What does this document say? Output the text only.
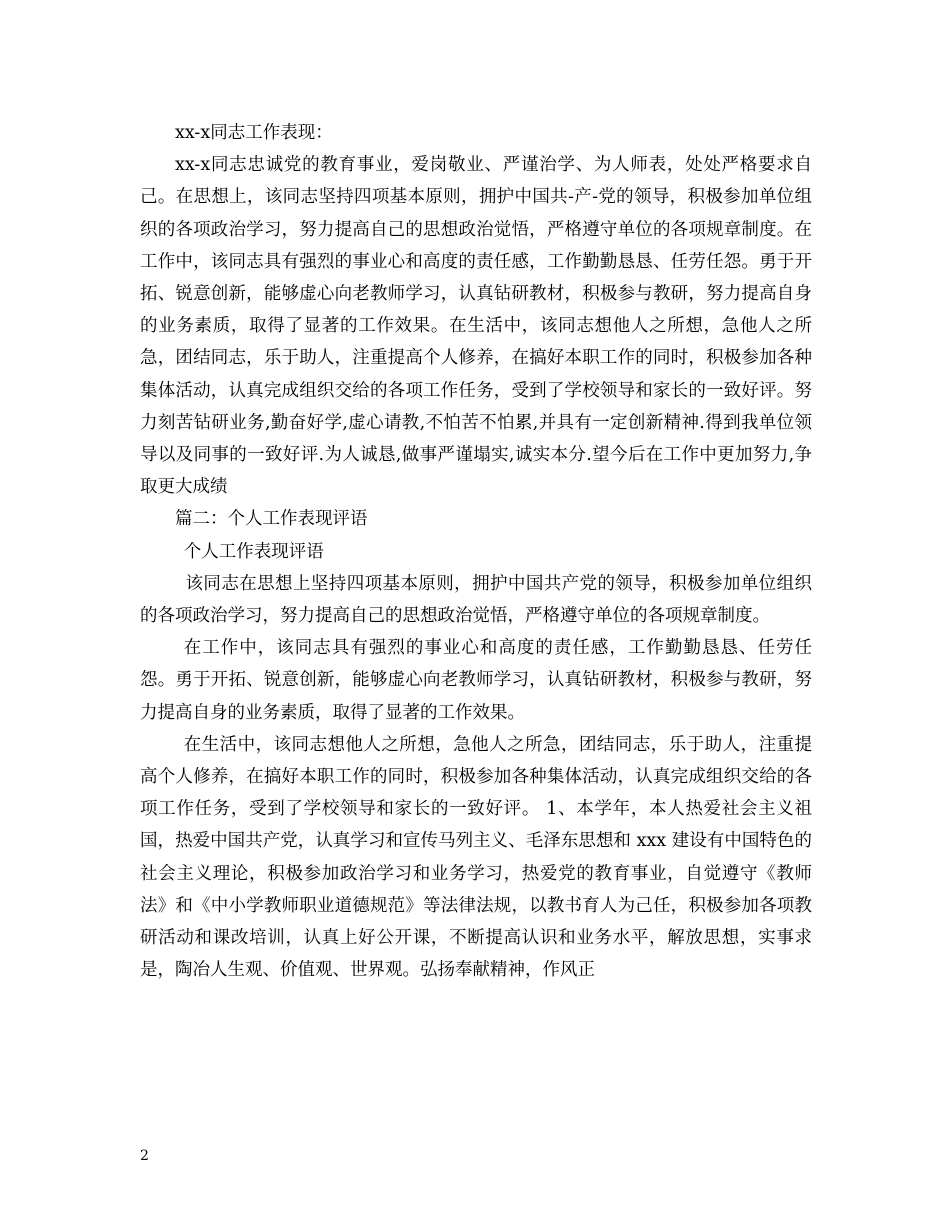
xx-x同志工作表现：

xx-x同志忠诚党的教育事业，爱岗敬业、严谨治学、为人师表，处处严格要求自己。在思想上，该同志坚持四项基本原则，拥护中国共-产-党的领导，积极参加单位组织的各项政治学习，努力提高自己的思想政治觉悟，严格遵守单位的各项规章制度。在工作中，该同志具有强烈的事业心和高度的责任感，工作勤勤恳恳、任劳任怨。勇于开拓、锐意创新，能够虚心向老教师学习，认真钻研教材，积极参与教研，努力提高自身的业务素质，取得了显著的工作效果。在生活中，该同志想他人之所想，急他人之所急，团结同志，乐于助人，注重提高个人修养，在搞好本职工作的同时，积极参加各种集体活动，认真完成组织交给的各项工作任务，受到了学校领导和家长的一致好评。努力刻苦钻研业务,勤奋好学,虚心请教,不怕苦不怕累,并具有一定创新精神.得到我单位领导以及同事的一致好评.为人诚恳,做事严谨塌实,诚实本分.望今后在工作中更加努力,争取更大成绩

篇二：个人工作表现评语

个人工作表现评语

该同志在思想上坚持四项基本原则，拥护中国共产党的领导，积极参加单位组织的各项政治学习，努力提高自己的思想政治觉悟，严格遵守单位的各项规章制度。

在工作中，该同志具有强烈的事业心和高度的责任感，工作勤勤恳恳、任劳任怨。勇于开拓、锐意创新，能够虚心向老教师学习，认真钻研教材，积极参与教研，努力提高自身的业务素质，取得了显著的工作效果。

在生活中，该同志想他人之所想，急他人之所急，团结同志，乐于助人，注重提高个人修养，在搞好本职工作的同时，积极参加各种集体活动，认真完成组织交给的各项工作任务，受到了学校领导和家长的一致好评。 1、本学年，本人热爱社会主义祖国，热爱中国共产党，认真学习和宣传马列主义、毛泽东思想和 xxx 建设有中国特色的社会主义理论，积极参加政治学习和业务学习，热爱党的教育事业，自觉遵守《教师法》和《中小学教师职业道德规范》等法律法规，以教书育人为己任，积极参加各项教研活动和课改培训，认真上好公开课，不断提高认识和业务水平，解放思想，实事求是，陶冶人生观、价值观、世界观。弘扬奉献精神，作风正

2
